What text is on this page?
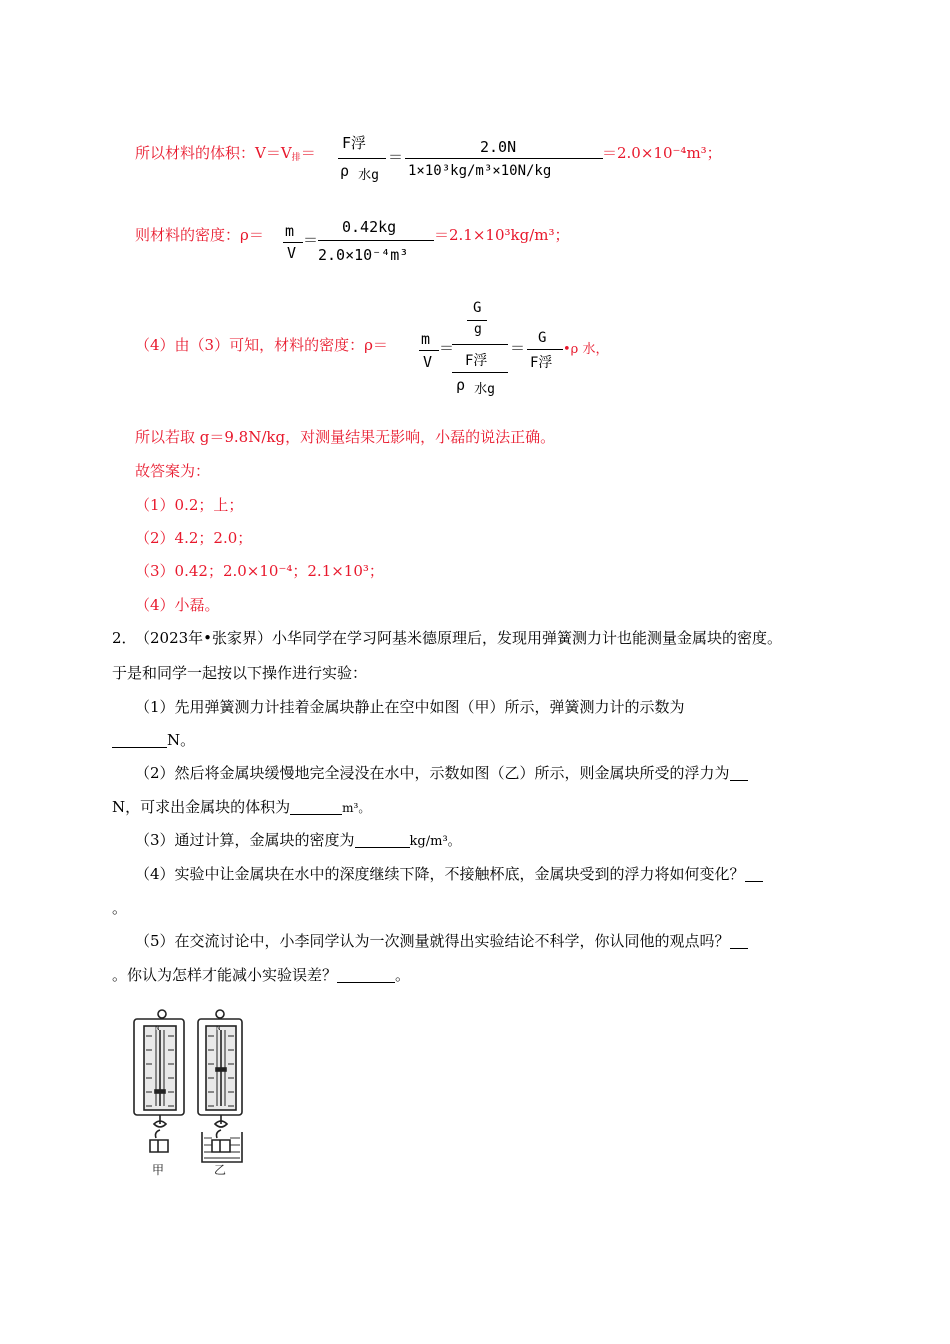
所以材料的体积：$V=V_排=$
F浮
ρ 水g
＝
2.0N
1×10³kg/m³×10N/kg
＝2.0×10⁻⁴m³；
则材料的密度：ρ＝ m
V
＝
0.42kg
2.0×10⁻⁴m³
＝2.1×10³kg/m³；
（4）由（3）可知，材料的密度：ρ＝ m
V
＝
G
g
F浮
ρ 水g
＝
G
F浮
•ρ 水，
所以若取 g＝9.8N/kg，对测量结果无影响，小磊的说法正确。
故答案为：
（1）0.2；上；
（2）4.2；2.0；
（3）0.42；2.0×10⁻⁴；2.1×10³；
（4）小磊。
2．
（2023年•张家界）小华同学在学习阿基米德原理后，发现用弹簧测力计也能测量金属块的密度。
于是和同学一起按以下操作进行实验：
（1）先用弹簧测力计挂着金属块静止在空中如图（甲）所示，弹簧测力计的示数为
N。
（2）然后将金属块缓慢地完全浸没在水中，示数如图（乙）所示，则金属块所受的浮力为
N，可求出金属块的体积为	m³。
（3）通过计算，金属块的密度为	kg/m³。
（4）实验中让金属块在水中的深度继续下降，不接触杯底，金属块受到的浮力将如何变化？
。
（5）在交流讨论中，小李同学认为一次测量就得出实验结论不科学，你认同他的观点吗？
。你认为怎样才能减小实验误差？	。
N	N
甲	乙
